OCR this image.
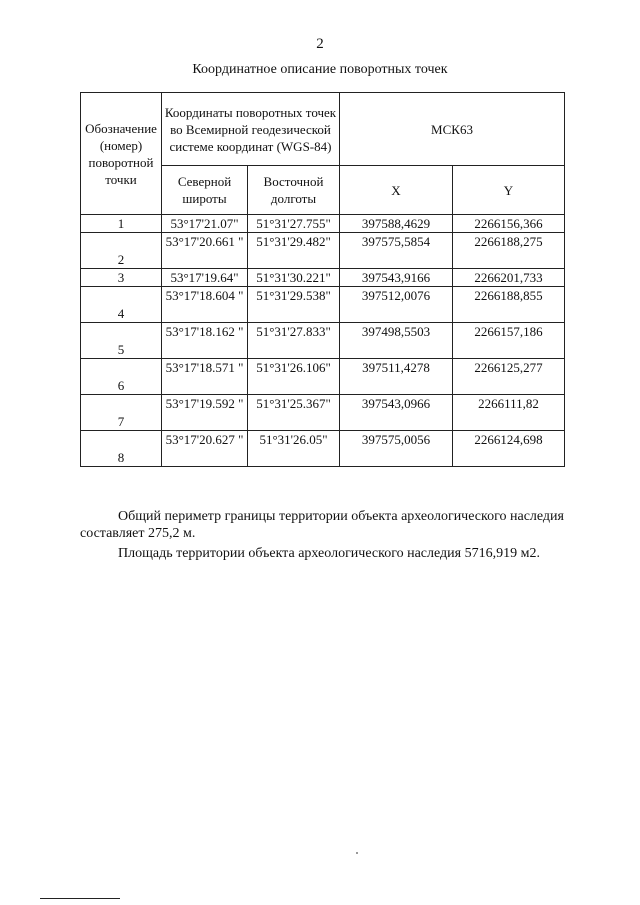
2
Координатное описание поворотных точек
Обозначение (номер) поворотной точки	Координаты поворотных точек во Всемирной геодезической системе координат (WGS-84)		МСК63	
	Северной широты	Восточной долготы	X	Y
1	53°17'21.07"	51°31'27.755"	397588,4629	2266156,366
2	53°17'20.661 "	51°31'29.482"	397575,5854	2266188,275
3	53°17'19.64"	51°31'30.221"	397543,9166	2266201,733
4	53°17'18.604 "	51°31'29.538"	397512,0076	2266188,855
5	53°17'18.162 "	51°31'27.833"	397498,5503	2266157,186
6	53°17'18.571 "	51°31'26.106"	397511,4278	2266125,277
7	53°17'19.592 "	51°31'25.367"	397543,0966	2266111,82
8	53°17'20.627 "	51°31'26.05"	397575,0056	2266124,698
Общий периметр границы территории объекта археологического наследия составляет 275,2 м.
Площадь территории объекта археологического наследия 5716,919 м2.
